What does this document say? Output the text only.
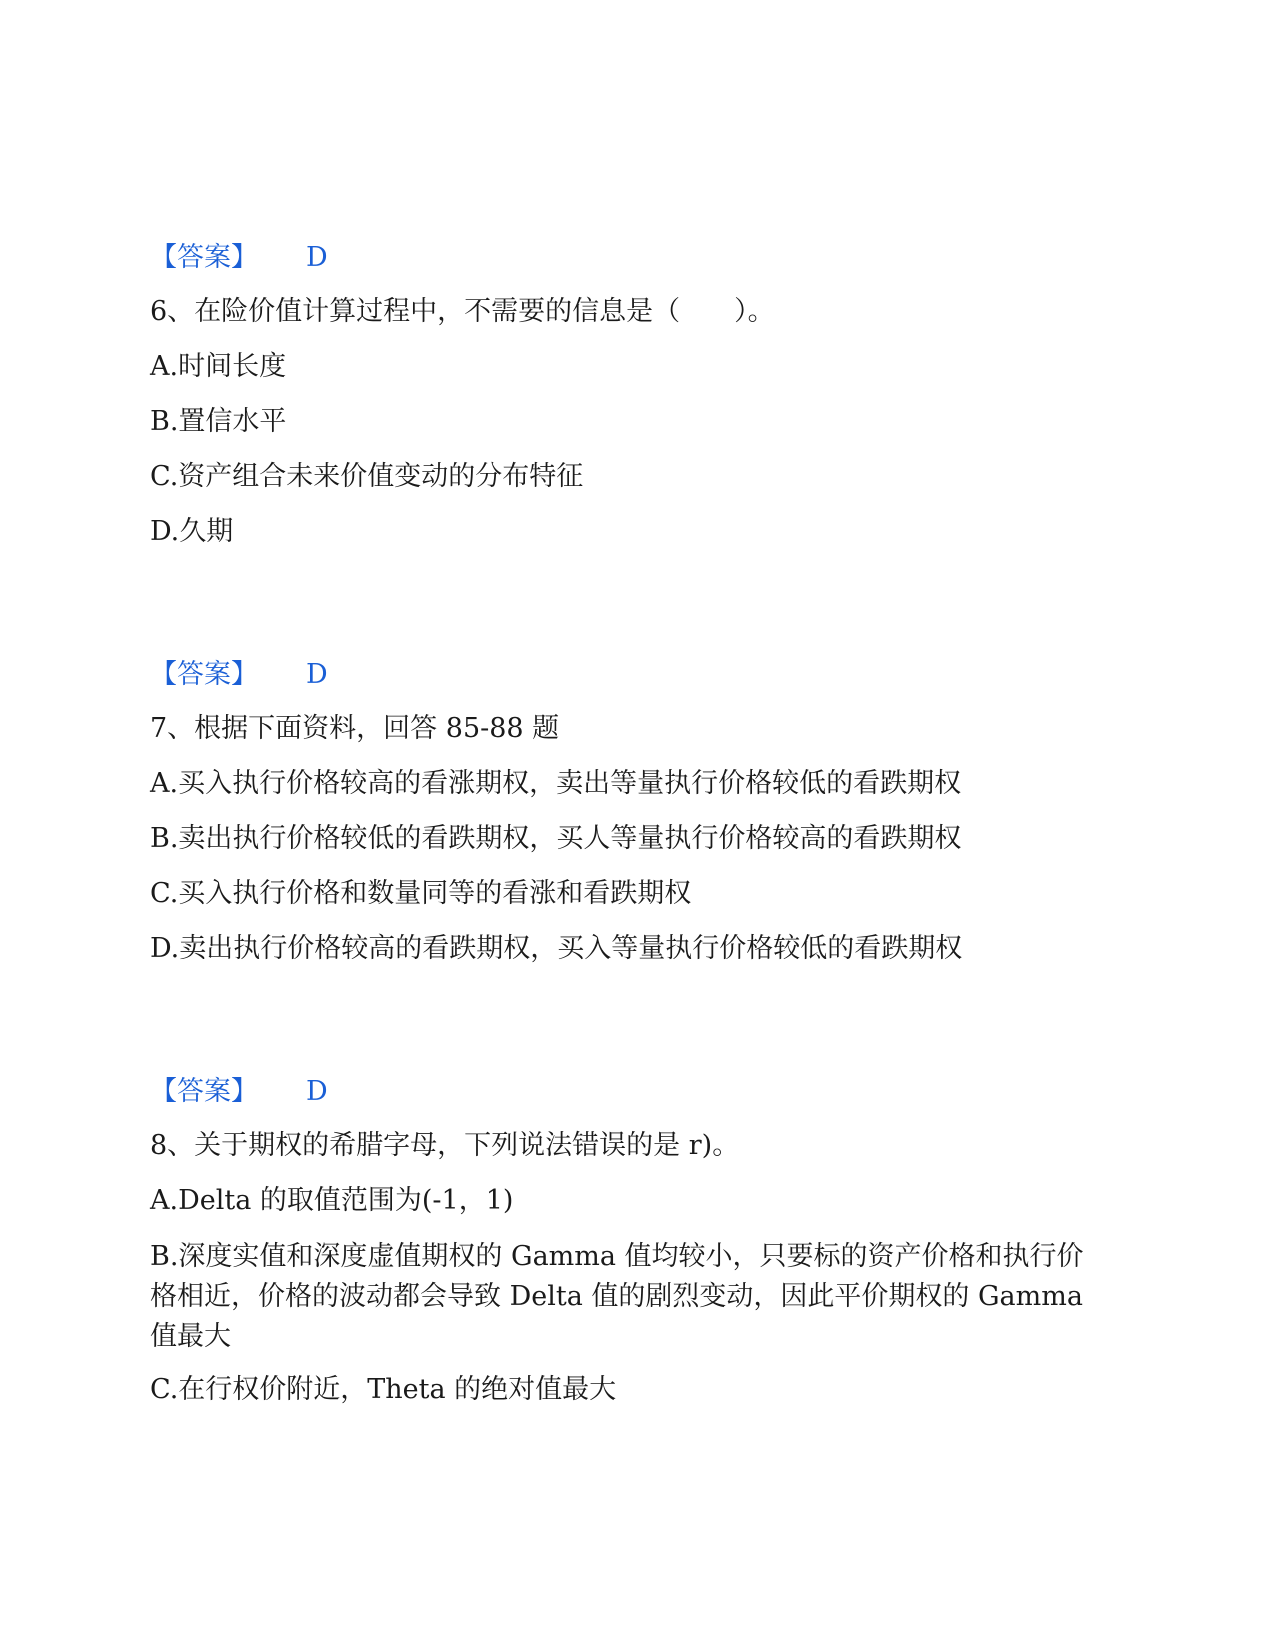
【答案】 D
6、在险价值计算过程中，不需要的信息是（　　）。
A.时间长度
B.置信水平
C.资产组合未来价值变动的分布特征
D.久期
【答案】 D
7、根据下面资料，回答 85-88 题
A.买入执行价格较高的看涨期权，卖出等量执行价格较低的看跌期权
B.卖出执行价格较低的看跌期权，买人等量执行价格较高的看跌期权
C.买入执行价格和数量同等的看涨和看跌期权
D.卖出执行价格较高的看跌期权，买入等量执行价格较低的看跌期权
【答案】 D
8、关于期权的希腊字母，下列说法错误的是 r)。
A.Delta 的取值范围为(-1，1)
B.深度实值和深度虚值期权的 Gamma 值均较小，只要标的资产价格和执行价格相近，价格的波动都会导致 Delta 值的剧烈变动，因此平价期权的 Gamma 值最大
C.在行权价附近，Theta 的绝对值最大
